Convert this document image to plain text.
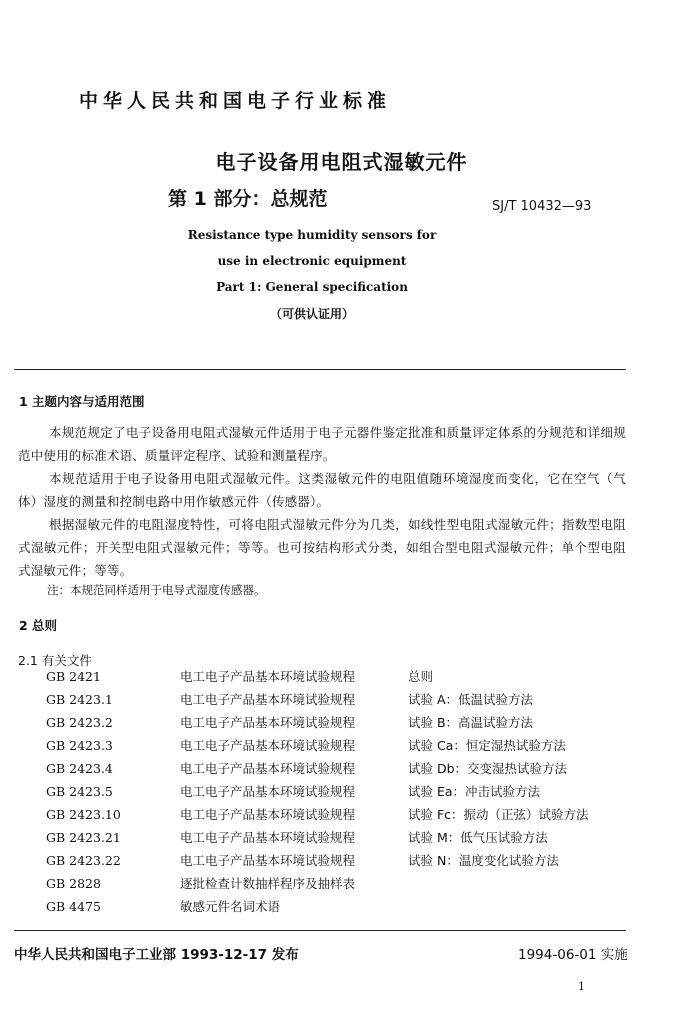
中华人民共和国电子行业标准
电子设备用电阻式湿敏元件
第 1 部分：总规范	SJ/T 10432—93
Resistance type humidity sensors for
use in electronic equipment
Part 1: General specification
（可供认证用）
1 主题内容与适用范围
本规范规定了电子设备用电阻式湿敏元件适用于电子元器件鉴定批准和质量评定体系的分规范和详细规范中使用的标准术语、质量评定程序、试验和测量程序。
本规范适用于电子设备用电阻式湿敏元件。这类湿敏元件的电阻值随环境湿度而变化，它在空气（气体）湿度的测量和控制电路中用作敏感元件（传感器）。
根据湿敏元件的电阻湿度特性，可将电阻式湿敏元件分为几类，如线性型电阻式湿敏元件；指数型电阻式湿敏元件；开关型电阻式湿敏元件；等等。也可按结构形式分类，如组合型电阻式湿敏元件；单个型电阻式湿敏元件；等等。
注：本规范同样适用于电导式湿度传感器。
2 总则
2.1 有关文件
GB 2421	电工电子产品基本环境试验规程	总则
GB 2423.1	电工电子产品基本环境试验规程	试验 A：低温试验方法
GB 2423.2	电工电子产品基本环境试验规程	试验 B：高温试验方法
GB 2423.3	电工电子产品基本环境试验规程	试验 Ca：恒定湿热试验方法
GB 2423.4	电工电子产品基本环境试验规程	试验 Db：交变湿热试验方法
GB 2423.5	电工电子产品基本环境试验规程	试验 Ea：冲击试验方法
GB 2423.10	电工电子产品基本环境试验规程	试验 Fc：振动（正弦）试验方法
GB 2423.21	电工电子产品基本环境试验规程	试验 M：低气压试验方法
GB 2423.22	电工电子产品基本环境试验规程	试验 N：温度变化试验方法
GB 2828	逐批检查计数抽样程序及抽样表
GB 4475	敏感元件名词术语
中华人民共和国电子工业部 1993-12-17 发布	1994-06-01 实施
1
